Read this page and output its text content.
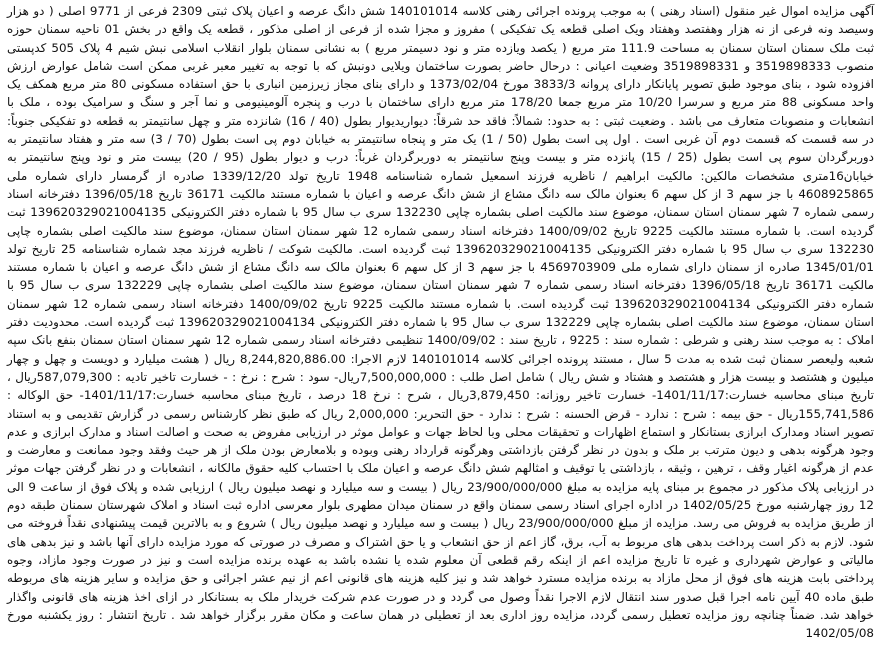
آگهی مزایده اموال غیر منقول (اسناد رهنی ) به موجب پرونده اجرائی رهنی کلاسه 140101014 شش دانگ عرصه و اعیان پلاک ثبتی 2309 فرعی از 9771 اصلی ( دو هزار وسیصد ونه فرعی از نه هزار وهفتصد وهفتاد ویک اصلی قطعه یک تفکیکی ) مفروز و مجزا شده از فرعی از اصلی مذکور ، قطعه یک واقع در بخش 01 ناحیه سمنان حوزه ثبت ملک سمنان استان سمنان به مساحت 111.9 متر مربع ( یکصد ویازده متر و نود دسیمتر مربع ) به نشانی سمنان بلوار انقلاب اسلامی نبش شیم 4 پلاک 505 کدپستی منصوب 3519898333 و 3519898331 وضعیت اعیانی : درحال حاضر بصورت ساختمان ویلایی دونبش که با توجه به تغییر معبر غربی ممکن است شامل عوارض ارزش افزوده شود ، بنای موجود طبق تصویر پایانکار دارای پروانه 3833/3 مورخ 1373/02/04 و دارای بنای مجاز زیرزمین انباری با حق استفاده مسکونی 80 متر مربع همکف یک واحد مسکونی 88 متر مربع و سرسرا 10/20 متر مربع جمعا 178/20 متر مربع دارای ساختمان با درب و پنجره آلومینیومی و نما آجر و سنگ و سرامیک بوده ، ملک با انشعابات و منصوبات متعارف می باشد . وضعیت ثبتی : به حدود: شمالاً: فاقد حد شرقاً: دیواریدیوار بطول (40 / 16) شانزده متر و چهل سانتیمتر به قطعه دو تفکیکی جنوباً: در سه قسمت که قسمت دوم آن غربی است . اول پی است بطول (50 / 1) یک متر و پنجاه سانتیمتر به خیابان دوم پی است بطول (70 / 3) سه متر و هفتاد سانتیمتر به دوربرگردان سوم پی است بطول (25 / 15) پانزده متر و بیست وپنج سانتیمتر به دوربرگردان غرباً: درب و دیوار بطول (95 / 20) بیست متر و نود وپنج سانتیمتر به خیابان16متری مشخصات مالکین: مالکیت ابراهیم / ناظریه فرزند اسمعیل شماره شناسنامه 1948 تاریخ تولد 1339/12/20 صادره از گرمسار دارای شماره ملی 4608925865 با جز سهم 3 از کل سهم 6 بعنوان مالک سه دانگ مشاع از شش دانگ عرصه و اعیان با شماره مستند مالکیت 36171 تاریخ 1396/05/18 دفترخانه اسناد رسمی شماره 7 شهر سمنان استان سمنان، موضوع سند مالکیت اصلی بشماره چاپی 132230 سری ب سال 95 با شماره دفتر الکترونیکی 139620329021004135 ثبت گردیده است. با شماره مستند مالکیت 9225 تاریخ 1400/09/02 دفترخانه اسناد رسمی شماره 12 شهر سمنان استان سمنان، موضوع سند مالکیت اصلی بشماره چاپی 132230 سری ب سال 95 با شماره دفتر الکترونیکی 139620329021004135 ثبت گردیده است. مالکیت شوکت / ناظریه فرزند مجد شماره شناسنامه 25 تاریخ تولد 1345/01/01 صادره از سمنان دارای شماره ملی 4569703909 با جز سهم 3 از کل سهم 6 بعنوان مالک سه دانگ مشاع از شش دانگ عرصه و اعیان با شماره مستند مالکیت 36171 تاریخ 1396/05/18 دفترخانه اسناد رسمی شماره 7 شهر سمنان استان سمنان، موضوع سند مالکیت اصلی بشماره چاپی 132229 سری ب سال 95 با شماره دفتر الکترونیکی 139620329021004134 ثبت گردیده است. با شماره مستند مالکیت 9225 تاریخ 1400/09/02 دفترخانه اسناد رسمی شماره 12 شهر سمنان استان سمنان، موضوع سند مالکیت اصلی بشماره چاپی 132229 سری ب سال 95 با شماره دفتر الکترونیکی 139620329021004134 ثبت گردیده است. محدودیت دفتر املاک : به موجب سند رهنی و شرطی : شماره سند : 9225 ، تاریخ سند : 1400/09/02 تنظیمی دفترخانه اسناد رسمی شماره 12 شهر سمنان استان سمنان بنفع بانک سپه شعبه ولیعصر سمنان ثبت شده به مدت 5 سال ، مستند پرونده اجرائی کلاسه 140101014 لازم الاجرا: 8,244,820,886.00 ریال ( هشت میلیارد و دویست و چهل و چهار میلیون و هشتصد و بیست هزار و هشتصد و هشتاد و شش ریال ) شامل اصل طلب : 7,500,000,000ریال- سود : شرح : نرخ : - خسارت تاخیر تادیه : 587,079,300ریال ، تاریخ مبنای محاسبه خسارت:1401/11/17- خسارت تاخیر روزانه: 3,879,450ریال ، شرح : نرخ 18 درصد ، تاریخ مبنای محاسبه خسارت:1401/11/17- حق الوکاله : 155,741,586ریال - حق بیمه : شرح : ندارد - قرض الحسنه : شرح : ندارد - حق التحریر: 2,000,000 ریال که طبق نظر کارشناس رسمی در گزارش تقدیمی و به استناد تصویر اسناد ومدارک ابرازی بستانکار و استماع اظهارات و تحقیقات محلی وبا لحاظ جهات و عوامل موثر در ارزیابی مفروض به صحت و اصالت اسناد و مدارک ابرازی و عدم وجود هرگونه بدهی و دیون مترتب بر ملک و بدون در نظر گرفتن بازداشتی وهرگونه قرارداد رهنی وبوده و بلامعارض بودن ملک از هر حیث وفقد وجود ممانعت و معارضت و عدم از هرگونه اغیار وقف ، ترهین ، وثیقه ، بازداشتی یا توقیف و امثالهم شش دانگ عرصه و اعیان ملک با احتساب کلیه حقوق مالکانه ، انشعابات و در نظر گرفتن جهات موثر در ارزیابی پلاک مذکور در مجموع بر مبنای پایه مزایده به مبلغ 23/900/000/000 ریال ( بیست و سه میلیارد و نهصد میلیون ریال ) ارزیابی شده و پلاک فوق از ساعت 9 الی 12 روز چهارشنبه مورخ 1402/05/25 در اداره اجرای اسناد رسمی سمنان واقع در سمنان میدان مطهری بلوار معرسی اداره ثبت اسناد و املاک شهرستان سمنان طبقه دوم از طریق مزایده به فروش می رسد. مزایده از مبلغ 23/900/000/000 ریال ( بیست و سه میلیارد و نهصد میلیون ریال ) شروع و به بالاترین قیمت پیشنهادی نقداً فروخته می شود. لازم به ذکر است پرداخت بدهی های مربوط به آب، برق، گاز اعم از حق انشعاب و یا حق اشتراک و مصرف در صورتی که مورد مزایده دارای آنها باشد و نیز بدهی های مالیاتی و عوارض شهرداری و غیره تا تاریخ مزایده اعم از اینکه رقم قطعی آن معلوم شده یا نشده باشد به عهده برنده مزایده است و نیز در صورت وجود مازاد، وجوه پرداختی بابت هزینه های فوق از محل مازاد به برنده مزایده مسترد خواهد شد و نیز کلیه هزینه های قانونی اعم از نیم عشر اجرائی و حق مزایده و سایر هزینه های مربوطه طبق ماده 40 آیین نامه اجرا قبل صدور سند انتقال لازم الاجرا نقداً وصول می گردد و در صورت عدم شرکت خریدار ملک به بستانکار در ازای اخذ هزینه های قانونی واگذار خواهد شد. ضمناً چنانچه روز مزایده تعطیل رسمی گردد، مزایده روز اداری بعد از تعطیلی در همان ساعت و مکان مقرر برگزار خواهد شد . تاریخ انتشار : روز یکشنبه مورخ 1402/05/08
